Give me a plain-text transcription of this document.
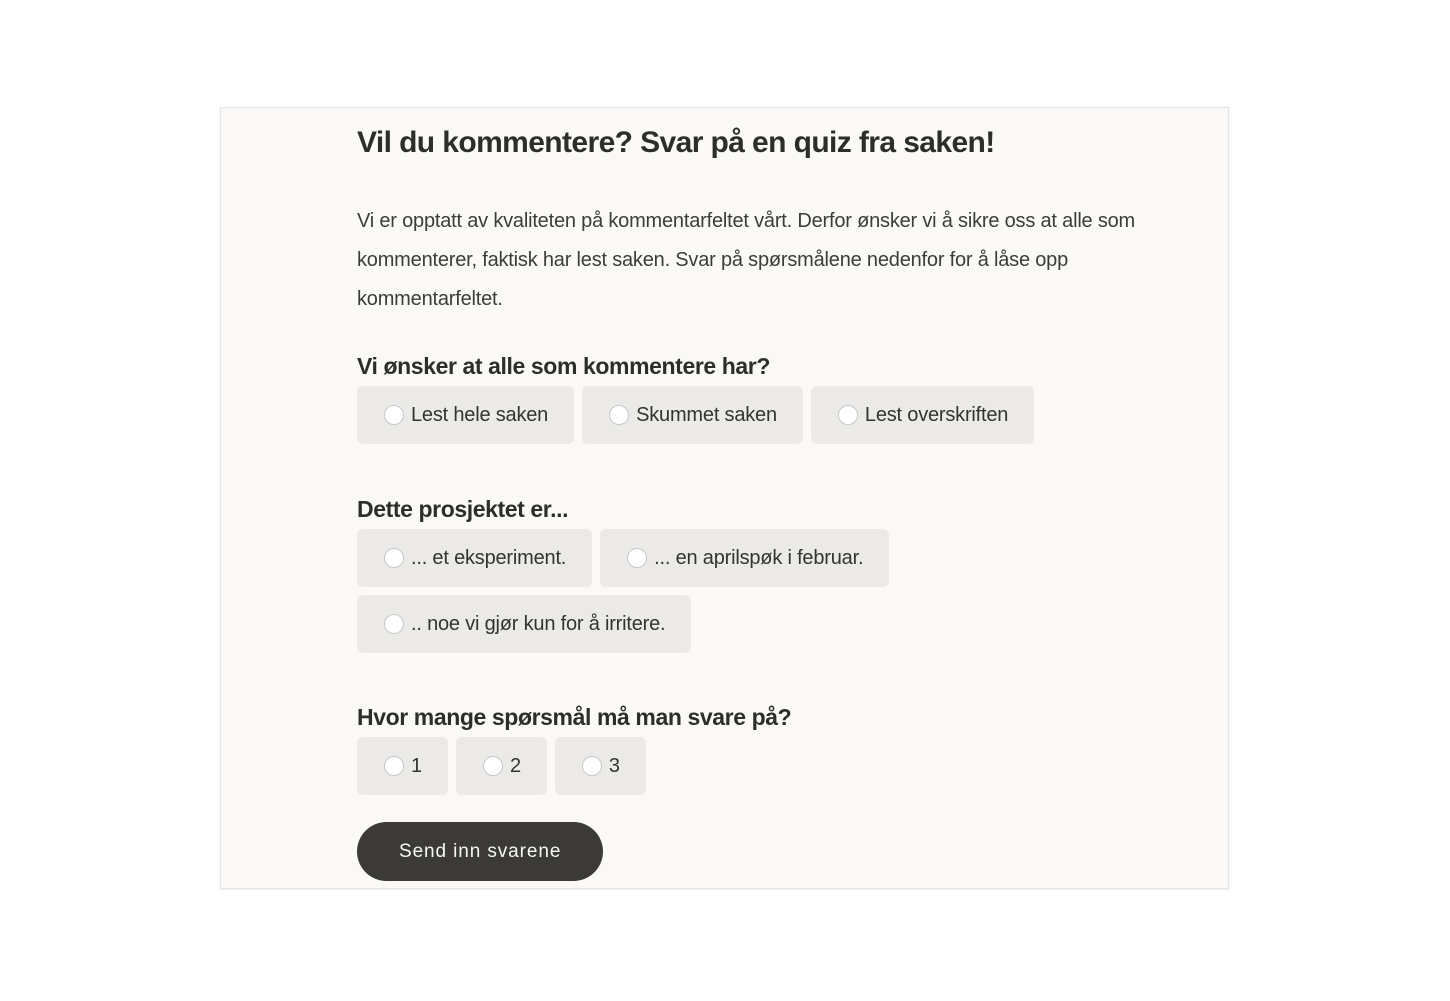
Vil du kommentere? Svar på en quiz fra saken!

Vi er opptatt av kvaliteten på kommentarfeltet vårt. Derfor ønsker vi å sikre oss at alle som kommenterer, faktisk har lest saken. Svar på spørsmålene nedenfor for å låse opp kommentarfeltet.

Vi ønsker at alle som kommentere har?
Lest hele saken	Skummet saken	Lest overskriften
Dette prosjektet er...
... et eksperiment.	... en aprilspøk i februar.
.. noe vi gjør kun for å irritere.
Hvor mange spørsmål må man svare på?
1	2	3
Send inn svarene
